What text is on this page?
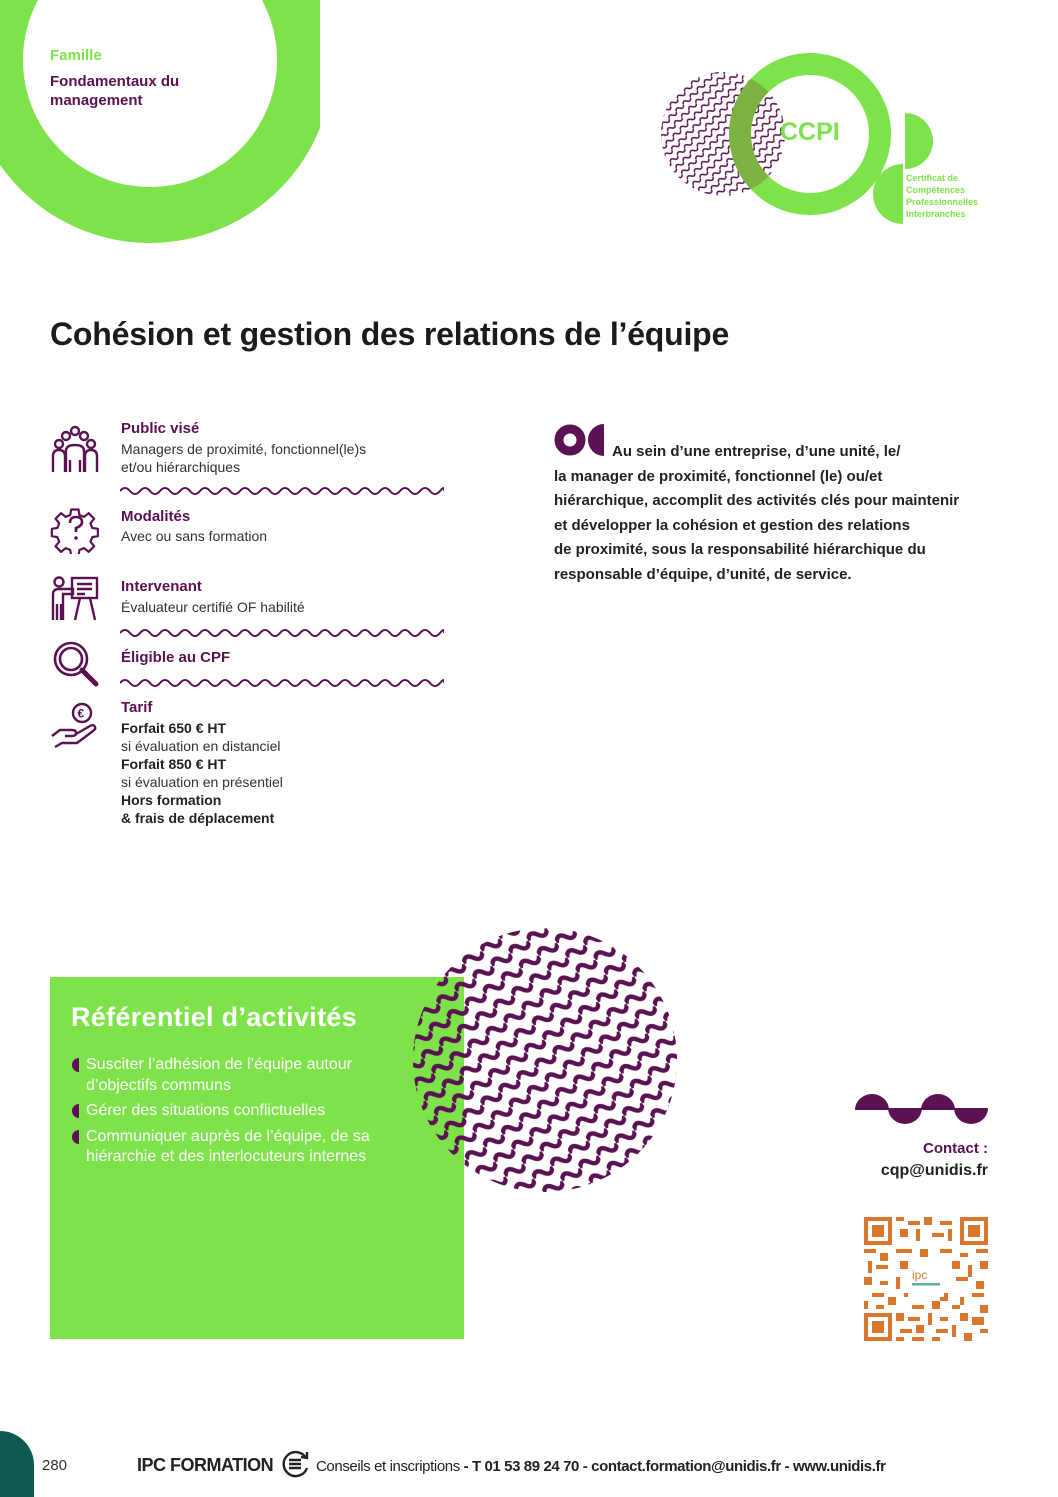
Famille
Fondamentaux du management
CCPI
Certificat de
Compétences
Professionnelles
Interbranches
Cohésion et gestion des relations de l’équipe
Public visé
Managers de proximité, fonctionnel(le)s
et/ou hiérarchiques
Modalités
Avec ou sans formation
Intervenant
Évaluateur certifié OF habilité
Éligible au CPF
€ Tarif
Forfait 650 € HT
si évaluation en distanciel
Forfait 850 € HT
si évaluation en présentiel
Hors formation
& frais de déplacement
Au sein d’une entreprise, d’une unité, le/
la manager de proximité, fonctionnel (le) ou/et
hiérarchique, accomplit des activités clés pour maintenir
et développer la cohésion et gestion des relations
de proximité, sous la responsabilité hiérarchique du
responsable d’équipe, d’unité, de service.
Référentiel d’activités
Susciter l’adhésion de l’équipe autour d’objectifs communs
Gérer des situations conflictuelles
Communiquer auprès de l’équipe, de sa hiérarchie et des interlocuteurs internes	Contact :
cqp@unidis.fr
ipc
280	IPC FORMATION	Conseils et inscriptions - T 01 53 89 24 70 - contact.formation@unidis.fr - www.unidis.fr
